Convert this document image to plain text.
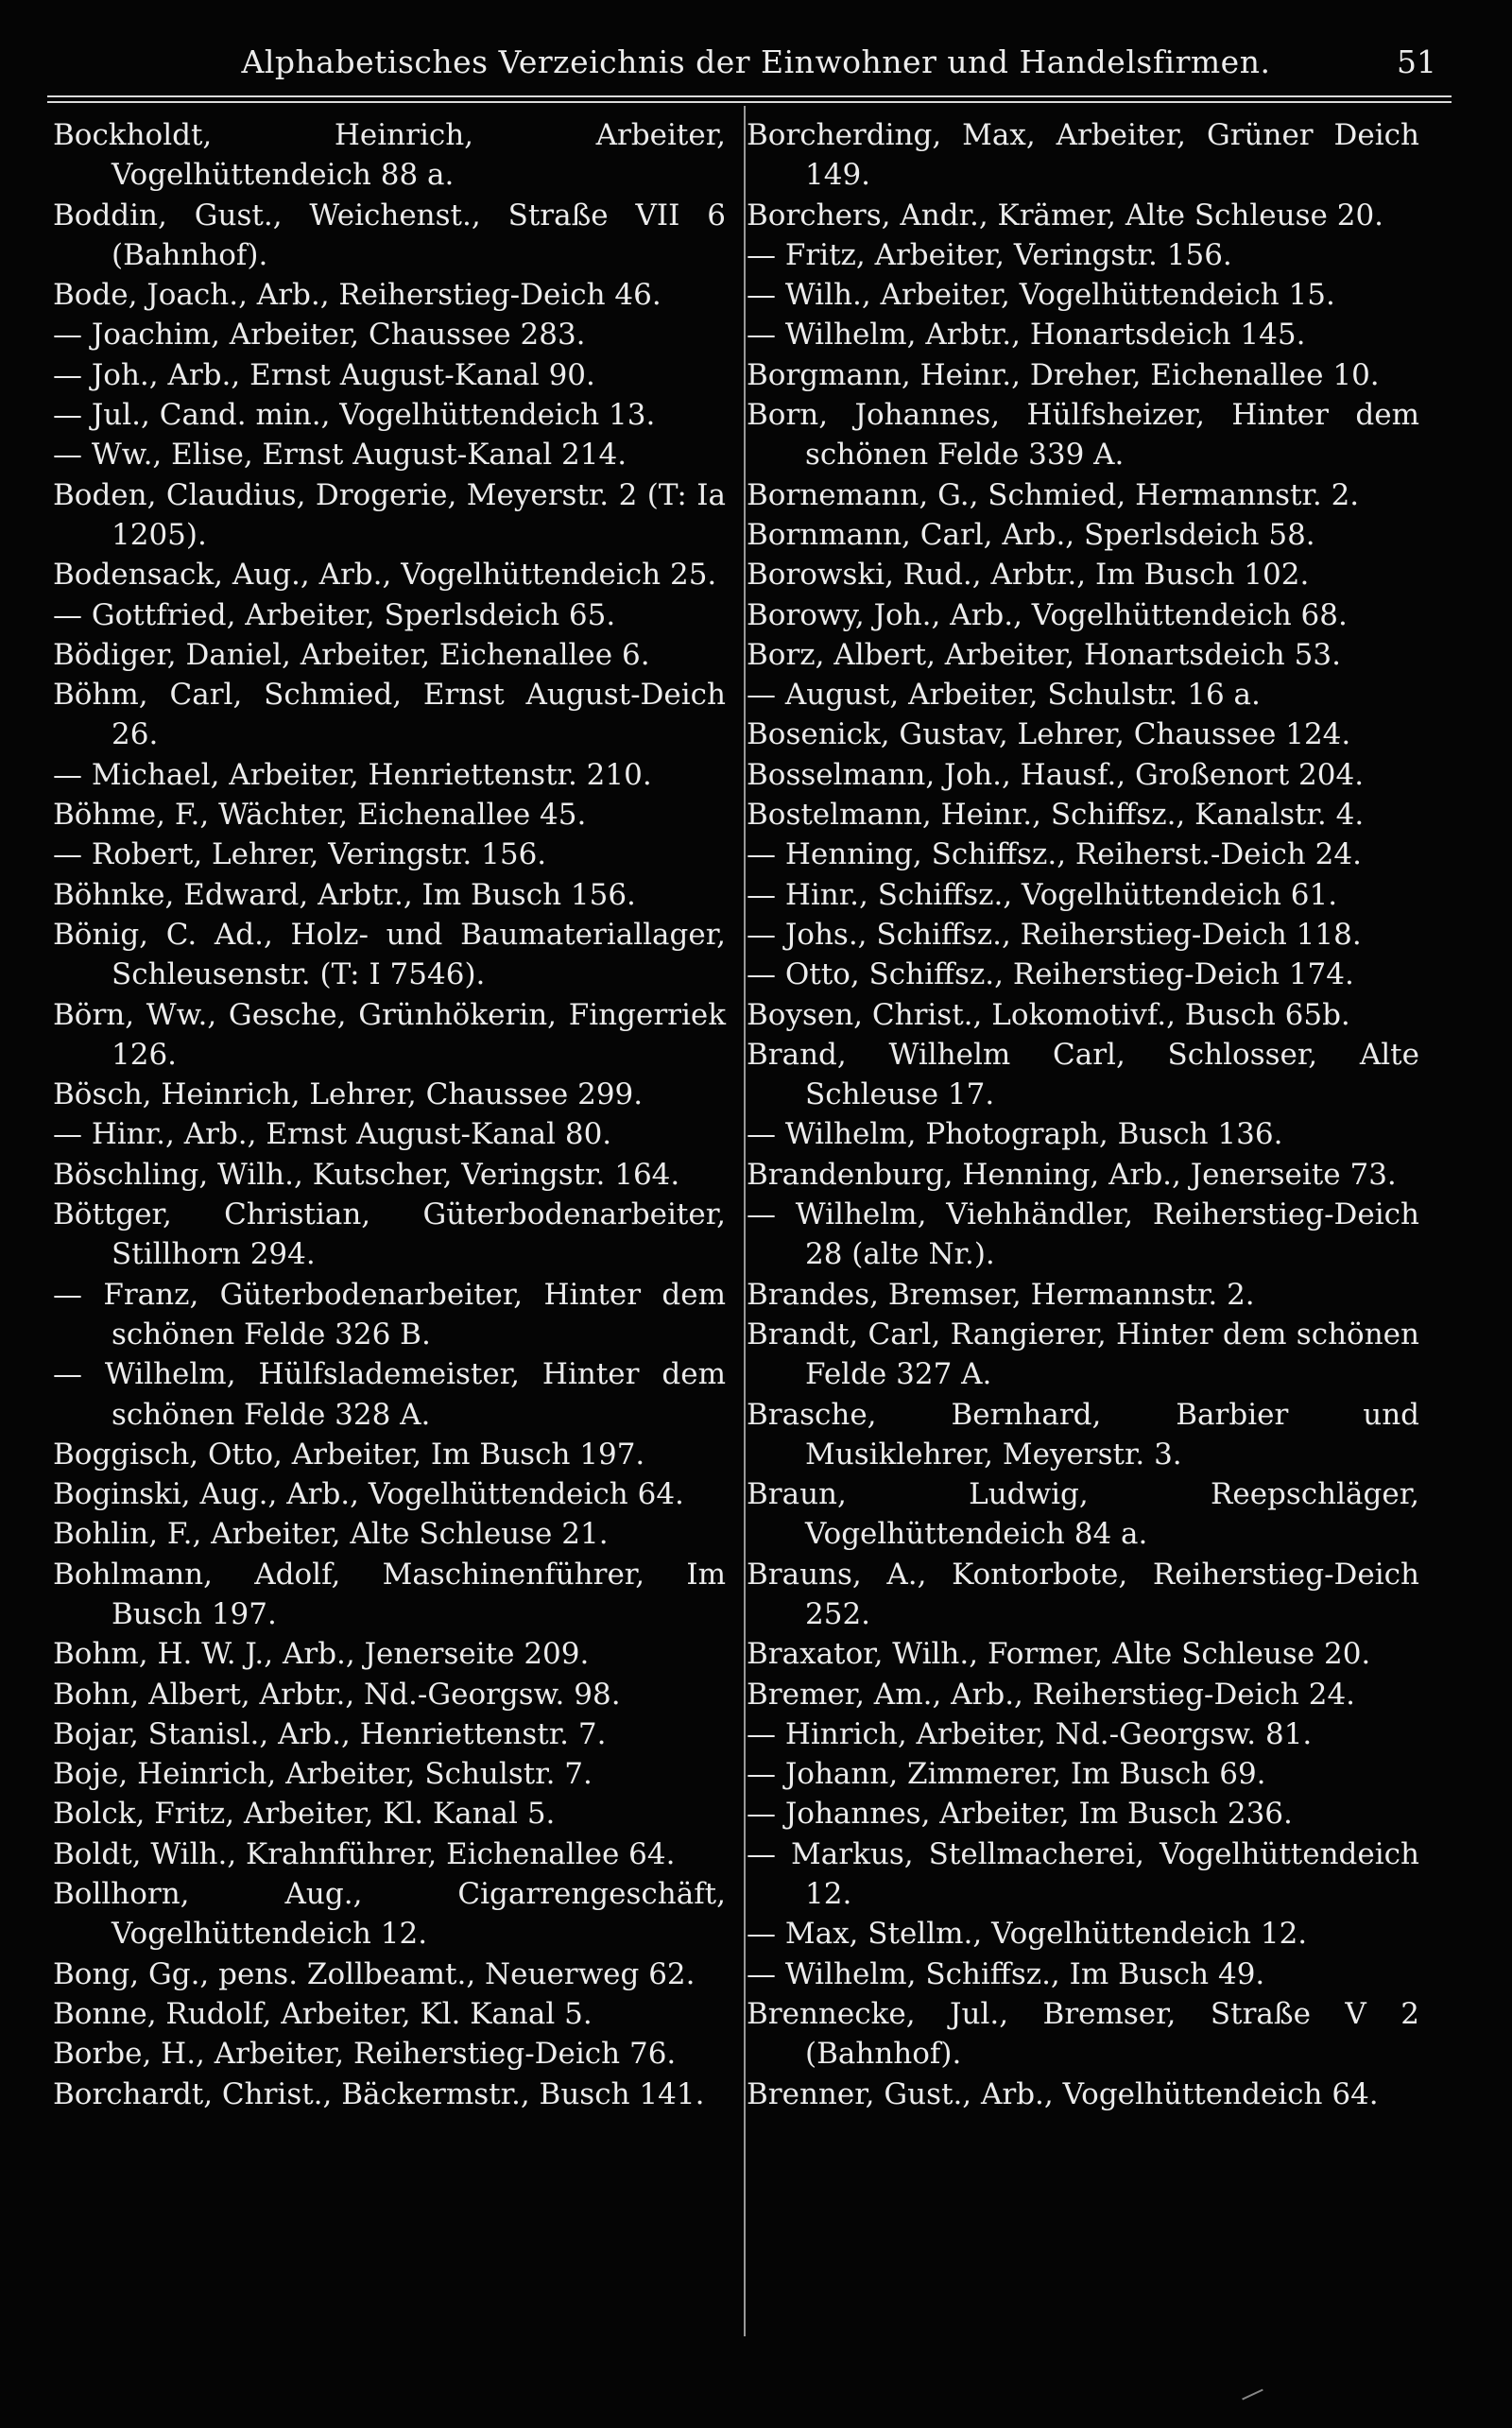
Alphabetisches Verzeichnis der Einwohner und Handelsfirmen.	51
Bockholdt, Heinrich, Arbeiter, Vogelhüttendeich 88 a.
Boddin, Gust., Weichenst., Straße VII 6 (Bahnhof).
Bode, Joach., Arb., Reiherstieg-Deich 46.
— Joachim, Arbeiter, Chaussee 283.
— Joh., Arb., Ernst August-Kanal 90.
— Jul., Cand. min., Vogelhüttendeich 13.
— Ww., Elise, Ernst August-Kanal 214.
Boden, Claudius, Drogerie, Meyerstr. 2 (T: Ia 1205).
Bodensack, Aug., Arb., Vogelhüttendeich 25.
— Gottfried, Arbeiter, Sperlsdeich 65.
Bödiger, Daniel, Arbeiter, Eichenallee 6.
Böhm, Carl, Schmied, Ernst August-Deich 26.
— Michael, Arbeiter, Henriettenstr. 210.
Böhme, F., Wächter, Eichenallee 45.
— Robert, Lehrer, Veringstr. 156.
Böhnke, Edward, Arbtr., Im Busch 156.
Bönig, C. Ad., Holz- und Baumateriallager, Schleusenstr. (T: I 7546).
Börn, Ww., Gesche, Grünhökerin, Fingerriek 126.
Bösch, Heinrich, Lehrer, Chaussee 299.
— Hinr., Arb., Ernst August-Kanal 80.
Böschling, Wilh., Kutscher, Veringstr. 164.
Böttger, Christian, Güterbodenarbeiter, Stillhorn 294.
— Franz, Güterbodenarbeiter, Hinter dem schönen Felde 326 B.
— Wilhelm, Hülfslademeister, Hinter dem schönen Felde 328 A.
Boggisch, Otto, Arbeiter, Im Busch 197.
Boginski, Aug., Arb., Vogelhüttendeich 64.
Bohlin, F., Arbeiter, Alte Schleuse 21.
Bohlmann, Adolf, Maschinenführer, Im Busch 197.
Bohm, H. W. J., Arb., Jenerseite 209.
Bohn, Albert, Arbtr., Nd.-Georgsw. 98.
Bojar, Stanisl., Arb., Henriettenstr. 7.
Boje, Heinrich, Arbeiter, Schulstr. 7.
Bolck, Fritz, Arbeiter, Kl. Kanal 5.
Boldt, Wilh., Krahnführer, Eichenallee 64.
Bollhorn, Aug., Cigarrengeschäft, Vogelhüttendeich 12.
Bong, Gg., pens. Zollbeamt., Neuerweg 62.
Bonne, Rudolf, Arbeiter, Kl. Kanal 5.
Borbe, H., Arbeiter, Reiherstieg-Deich 76.
Borchardt, Christ., Bäckermstr., Busch 141.
Borcherding, Max, Arbeiter, Grüner Deich 149.
Borchers, Andr., Krämer, Alte Schleuse 20.
— Fritz, Arbeiter, Veringstr. 156.
— Wilh., Arbeiter, Vogelhüttendeich 15.
— Wilhelm, Arbtr., Honartsdeich 145.
Borgmann, Heinr., Dreher, Eichenallee 10.
Born, Johannes, Hülfsheizer, Hinter dem schönen Felde 339 A.
Bornemann, G., Schmied, Hermannstr. 2.
Bornmann, Carl, Arb., Sperlsdeich 58.
Borowski, Rud., Arbtr., Im Busch 102.
Borowy, Joh., Arb., Vogelhüttendeich 68.
Borz, Albert, Arbeiter, Honartsdeich 53.
— August, Arbeiter, Schulstr. 16 a.
Bosenick, Gustav, Lehrer, Chaussee 124.
Bosselmann, Joh., Hausf., Großenort 204.
Bostelmann, Heinr., Schiffsz., Kanalstr. 4.
— Henning, Schiffsz., Reiherst.-Deich 24.
— Hinr., Schiffsz., Vogelhüttendeich 61.
— Johs., Schiffsz., Reiherstieg-Deich 118.
— Otto, Schiffsz., Reiherstieg-Deich 174.
Boysen, Christ., Lokomotivf., Busch 65b.
Brand, Wilhelm Carl, Schlosser, Alte Schleuse 17.
— Wilhelm, Photograph, Busch 136.
Brandenburg, Henning, Arb., Jenerseite 73.
— Wilhelm, Viehhändler, Reiherstieg-Deich 28 (alte Nr.).
Brandes, Bremser, Hermannstr. 2.
Brandt, Carl, Rangierer, Hinter dem schönen Felde 327 A.
Brasche, Bernhard, Barbier und Musiklehrer, Meyerstr. 3.
Braun, Ludwig, Reepschläger, Vogelhüttendeich 84 a.
Brauns, A., Kontorbote, Reiherstieg-Deich 252.
Braxator, Wilh., Former, Alte Schleuse 20.
Bremer, Am., Arb., Reiherstieg-Deich 24.
— Hinrich, Arbeiter, Nd.-Georgsw. 81.
— Johann, Zimmerer, Im Busch 69.
— Johannes, Arbeiter, Im Busch 236.
— Markus, Stellmacherei, Vogelhüttendeich 12.
— Max, Stellm., Vogelhüttendeich 12.
— Wilhelm, Schiffsz., Im Busch 49.
Brennecke, Jul., Bremser, Straße V 2 (Bahnhof).
Brenner, Gust., Arb., Vogelhüttendeich 64.
